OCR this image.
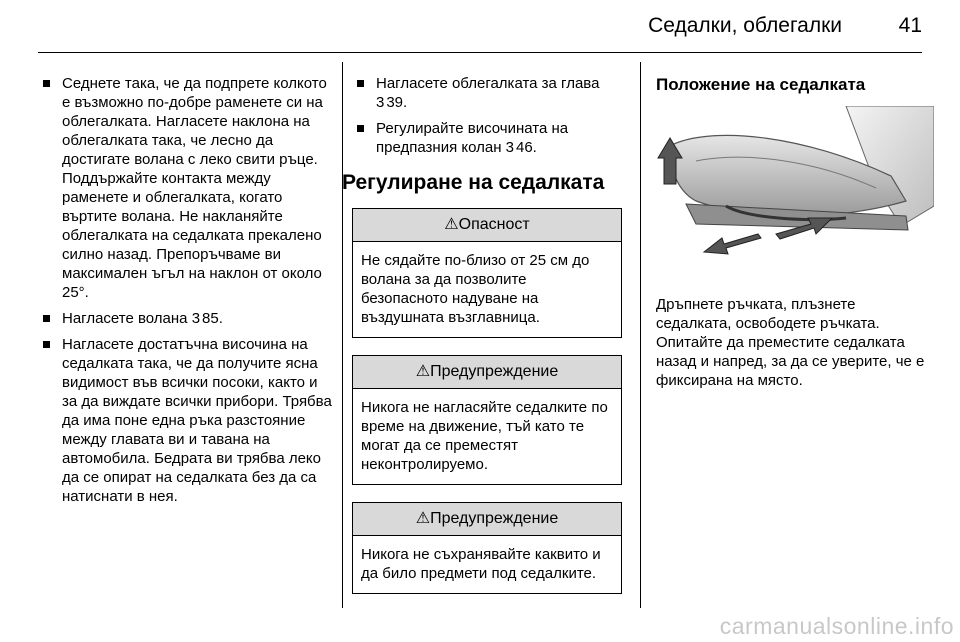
Седалки, облегалки	41
Седнете така, че да подпрете колкото е възможно по-добре раменете си на облегалката. Нагласете наклона на облегалката така, че лесно да достигате волана с леко свити ръце. Поддържайте контакта между раменете и облегалката, когато въртите волана. Не накланяйте облегалката на седалката прекалено силно назад. Препоръчваме ви максимален ъгъл на наклон от около 25°.
Нагласете волана 3 85.
Нагласете достатъчна височина на седалката така, че да получите ясна видимост във всички посоки, както и за да виждате всички прибори. Трябва да има поне една ръка разстояние между главата ви и тавана на автомобила. Бедрата ви трябва леко да се опират на седалката без да са натиснати в нея.
Нагласете облегалката за глава
3 39.
Регулирайте височината на предпазния колан 3 46.
Регулиране на седалката
⚠Опасност
Не сядайте по-близо от 25 см до волана за да позволите безопасното надуване на въздушната възглавница.
⚠Предупреждение
Никога не нагласяйте седалките по време на движение, тъй като те могат да се преместят неконтролируемо.
⚠Предупреждение
Никога не съхранявайте каквито и да било предмети под седалките.
Положение на седалката
Дръпнете ръчката, плъзнете седалката, освободете ръчката. Опитайте да преместите седалката назад и напред, за да се уверите, че е фиксирана на място.
carmanualsonline.info
